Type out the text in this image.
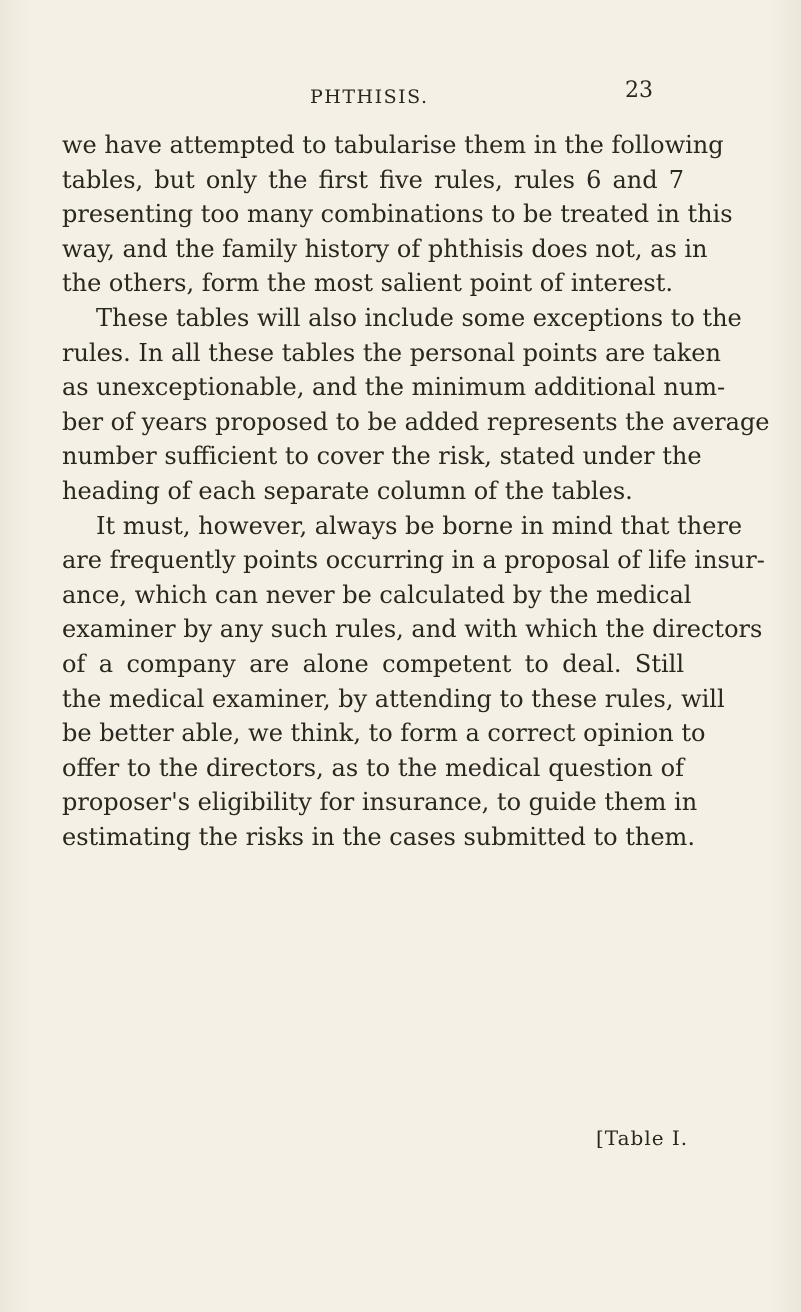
PHTHISIS.	23
we have attempted to tabularise them in the following
tables, but only the first five rules, rules 6 and 7
presenting too many combinations to be treated in this
way, and the family history of phthisis does not, as in
the others, form the most salient point of interest.
These tables will also include some exceptions to the
rules. In all these tables the personal points are taken
as unexceptionable, and the minimum additional num-
ber of years proposed to be added represents the average
number sufficient to cover the risk, stated under the
heading of each separate column of the tables.
It must, however, always be borne in mind that there
are frequently points occurring in a proposal of life insur-
ance, which can never be calculated by the medical
examiner by any such rules, and with which the directors
of a company are alone competent to deal. Still
the medical examiner, by attending to these rules, will
be better able, we think, to form a correct opinion to
offer to the directors, as to the medical question of
proposer's eligibility for insurance, to guide them in
estimating the risks in the cases submitted to them.
[Table I.
